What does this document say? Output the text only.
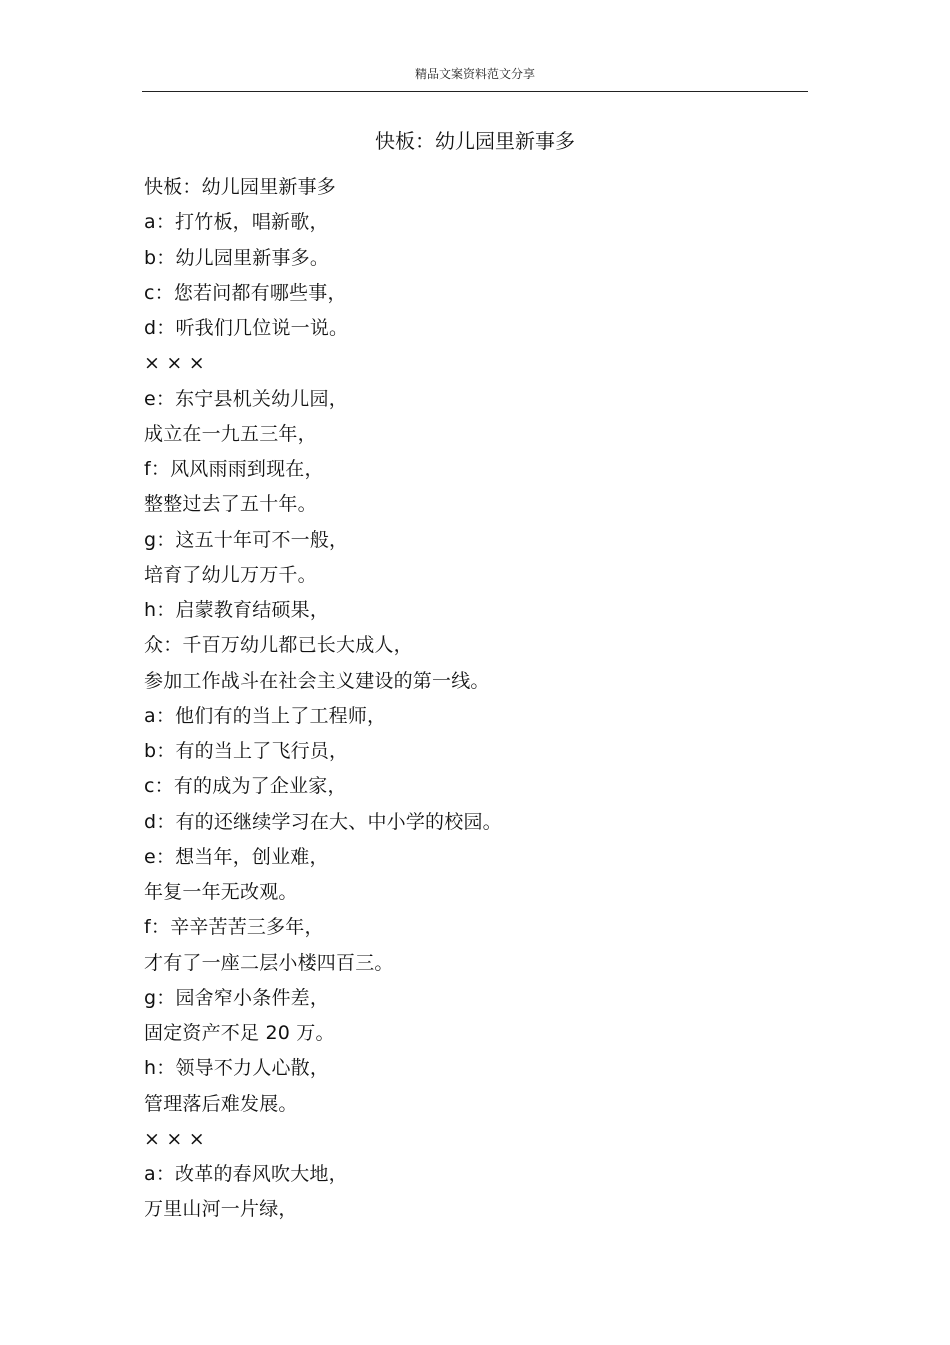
精品文案资料范文分享
快板：幼儿园里新事多
快板：幼儿园里新事多
a：打竹板，唱新歌，
b：幼儿园里新事多。
c：您若问都有哪些事，
d：听我们几位说一说。
× × ×
e：东宁县机关幼儿园，
成立在一九五三年，
f：风风雨雨到现在，
整整过去了五十年。
g：这五十年可不一般，
培育了幼儿万万千。
h：启蒙教育结硕果，
众：千百万幼儿都已长大成人，
参加工作战斗在社会主义建设的第一线。
a：他们有的当上了工程师，
b：有的当上了飞行员，
c：有的成为了企业家，
d：有的还继续学习在大、中小学的校园。
e：想当年，创业难，
年复一年无改观。
f：辛辛苦苦三多年，
才有了一座二层小楼四百三。
g：园舍窄小条件差，
固定资产不足 20 万。
h：领导不力人心散，
管理落后难发展。
× × ×
a：改革的春风吹大地，
万里山河一片绿，
